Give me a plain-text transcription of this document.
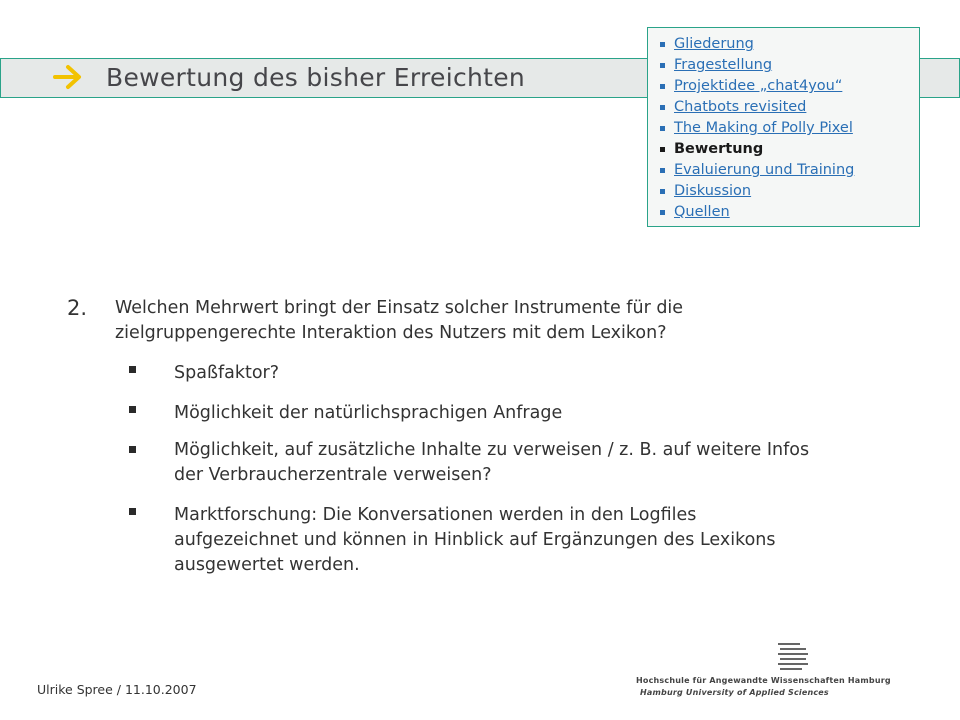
Bewertung des bisher Erreichten
Gliederung
Fragestellung
Projektidee „chat4you“
Chatbots revisited
The Making of Polly Pixel
Bewertung
Evaluierung und Training
Diskussion
Quellen
2. Welchen Mehrwert bringt der Einsatz solcher Instrumente für die zielgruppengerechte Interaktion des Nutzers mit dem Lexikon?
Spaßfaktor?
Möglichkeit der natürlichsprachigen Anfrage
Möglichkeit, auf zusätzliche Inhalte zu verweisen / z. B. auf weitere Infos der Verbraucherzentrale verweisen?
Marktforschung: Die Konversationen werden in den Logfiles aufgezeichnet und können in Hinblick auf Ergänzungen des Lexikons ausgewertet werden.
Ulrike Spree / 11.10.2007
Hochschule für Angewandte Wissenschaften Hamburg
Hamburg University of Applied Sciences
